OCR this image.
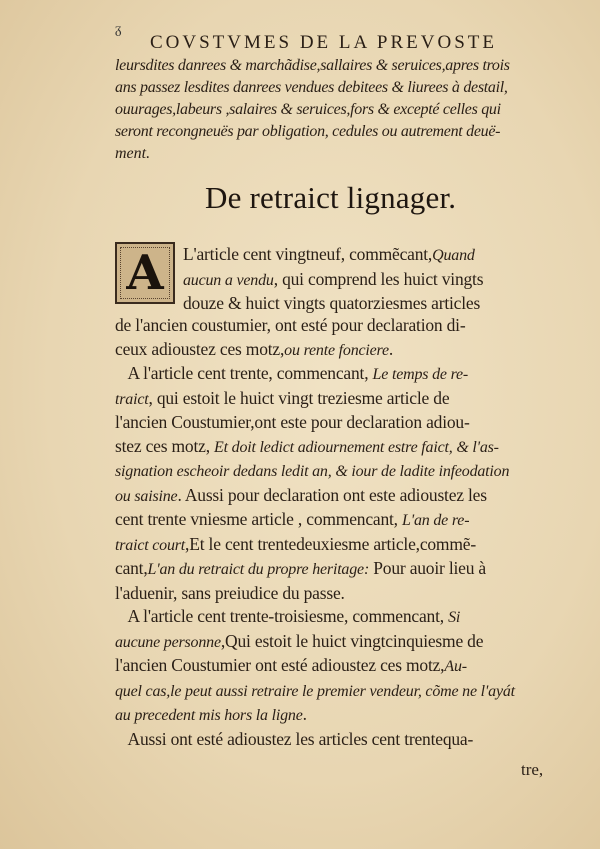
ᵹ
COVSTVMES DE LA PREVOSTE
leursdites danrees & marchãdise,sallaires & seruices,apres trois
ans passez lesdites danrees vendues debitees & liurees à destail,
ouurages,labeurs ,salaires & seruices,fors & excepté celles qui
seront recongneuës par obligation, cedules ou autrement deuë-
ment.
De retraict lignager.
A L'article cent vingtneuf, commẽcant,Quand
aucun a vendu, qui comprend les huict vingts
douze & huict vingts quatorziesmes articles
de l'ancien coustumier, ont esté pour declaration di-
ceux adioustez ces motz,ou rente fonciere.
A l'article cent trente, commencant, Le temps de re-
traict, qui estoit le huict vingt treziesme article de
l'ancien Coustumier,ont este pour declaration adiou-
stez ces motz, Et doit ledict adiournement estre faict, & l'as-
signation escheoir dedans ledit an, & iour de ladite infeodation
ou saisine. Aussi pour declaration ont este adioustez les
cent trente vniesme article , commencant, L'an de re-
traict court,Et le cent trentedeuxiesme article,commẽ-
cant,L'an du retraict du propre heritage: Pour auoir lieu à
l'aduenir, sans preiudice du passe.
A l'article cent trente-troisiesme, commencant, Si
aucune personne,Qui estoit le huict vingtcinquiesme de
l'ancien Coustumier ont esté adioustez ces motz,Au-
quel cas,le peut aussi retraire le premier vendeur, cõme ne l'ayát
au precedent mis hors la ligne.
Aussi ont esté adioustez les articles cent trentequa-
tre,
